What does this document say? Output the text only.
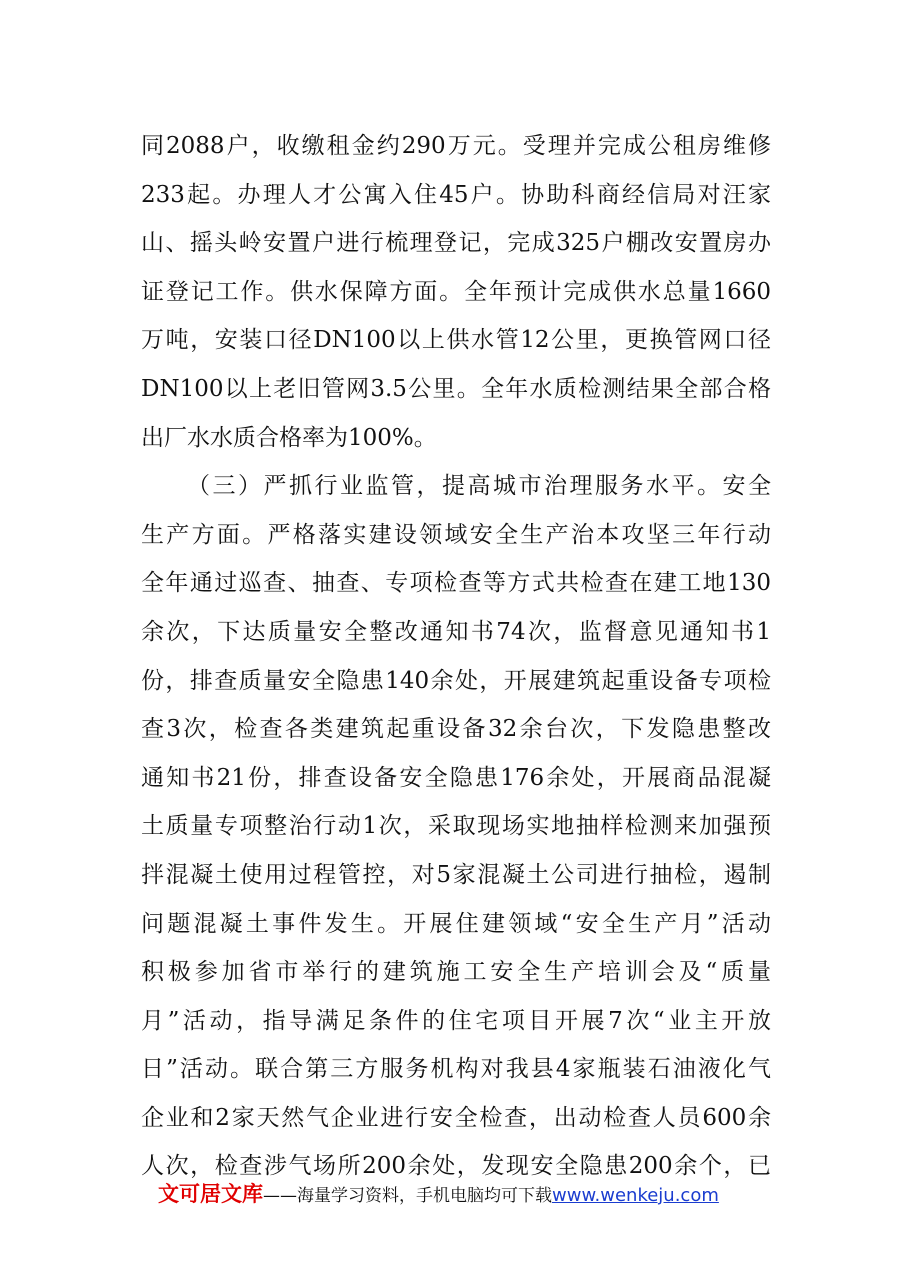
同2088户，收缴租金约290万元。受理并完成公租房维修
233起。办理人才公寓入住45户。协助科商经信局对汪家
山、摇头岭安置户进行梳理登记，完成325户棚改安置房办
证登记工作。供水保障方面。全年预计完成供水总量1660
万吨，安装口径DN100以上供水管12公里，更换管网口径
DN100以上老旧管网3.5公里。全年水质检测结果全部合格
出厂水水质合格率为100%。
（三）严抓行业监管，提高城市治理服务水平。安全
生产方面。严格落实建设领域安全生产治本攻坚三年行动
全年通过巡查、抽查、专项检查等方式共检查在建工地130
余次，下达质量安全整改通知书74次，监督意见通知书1
份，排查质量安全隐患140余处，开展建筑起重设备专项检
查3次，检查各类建筑起重设备32余台次，下发隐患整改
通知书21份，排查设备安全隐患176余处，开展商品混凝
土质量专项整治行动1次，采取现场实地抽样检测来加强预
拌混凝土使用过程管控，对5家混凝土公司进行抽检，遏制
问题混凝土事件发生。开展住建领域“安全生产月”活动
积极参加省市举行的建筑施工安全生产培训会及“质量
月”活动，指导满足条件的住宅项目开展7次“业主开放
日”活动。联合第三方服务机构对我县4家瓶装石油液化气
企业和2家天然气企业进行安全检查，出动检查人员600余
人次，检查涉气场所200余处，发现安全隐患200余个，已
文可居文库——海量学习资料，手机电脑均可下载www.wenkeju.com
